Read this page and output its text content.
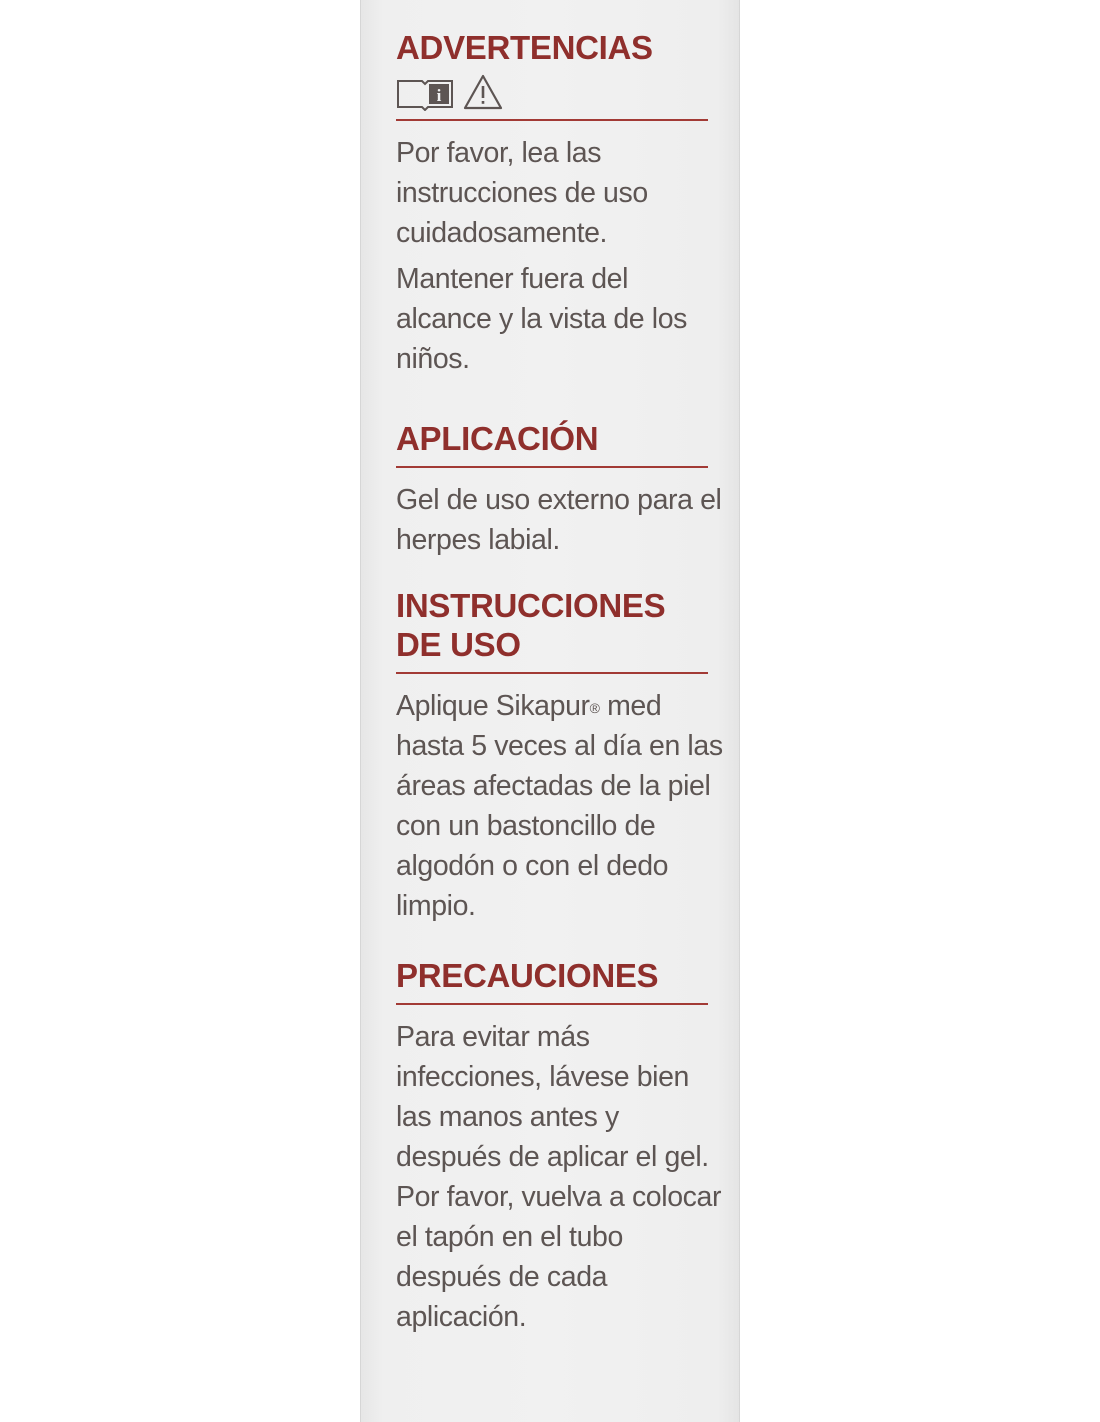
ADVERTENCIAS
i

Por favor, lea las instrucciones de uso cuidadosamente.

Mantener fuera del alcance y la vista de los niños.

APLICACIÓN

Gel de uso externo para el herpes labial.

INSTRUCCIONES
DE USO

Aplique Sikapur® med hasta 5 veces al día en las áreas afectadas de la piel con un bastoncillo de algodón o con el dedo limpio.

PRECAUCIONES

Para evitar más infecciones, lávese bien las manos antes y después de aplicar el gel. Por favor, vuelva a colocar el tapón en el tubo después de cada aplicación.
